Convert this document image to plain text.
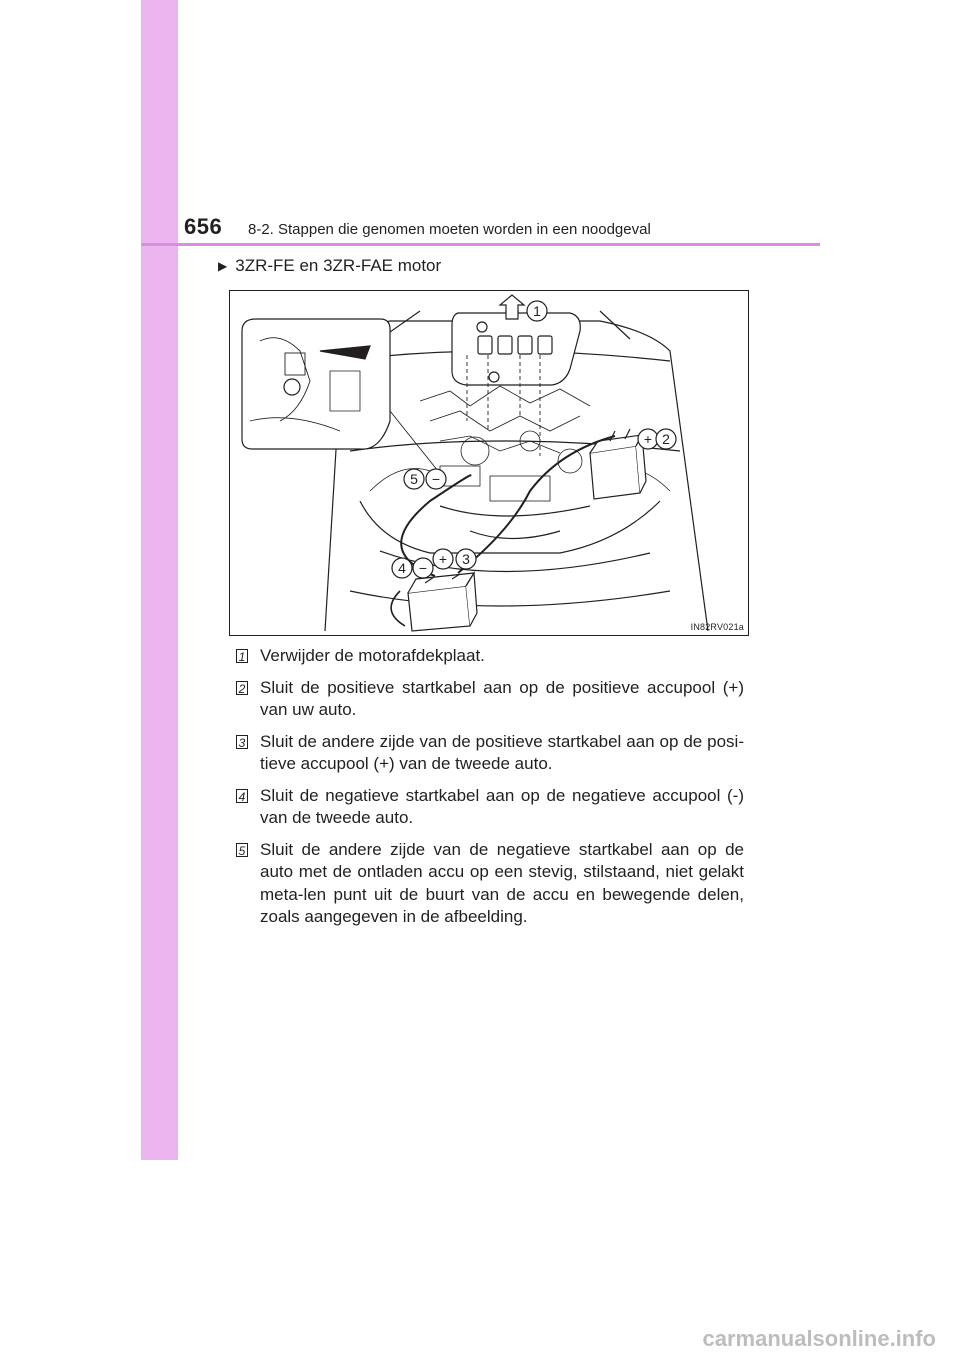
656 8-2. Stappen die genomen moeten worden in een noodgeval
▶ 3ZR-FE en 3ZR-FAE motor
1
+ 2
+ 3
4 −
5 −
IN82RV021a
1 Verwijder de motorafdekplaat.
2 Sluit de positieve startkabel aan op de positieve accupool (+) van uw auto.
3 Sluit de andere zijde van de positieve startkabel aan op de posi-tieve accupool (+) van de tweede auto.
4 Sluit de negatieve startkabel aan op de negatieve accupool (-) van de tweede auto.
5 Sluit de andere zijde van de negatieve startkabel aan op de auto met de ontladen accu op een stevig, stilstaand, niet gelakt meta-len punt uit de buurt van de accu en bewegende delen, zoals aangegeven in de afbeelding.
carmanualsonline.info
